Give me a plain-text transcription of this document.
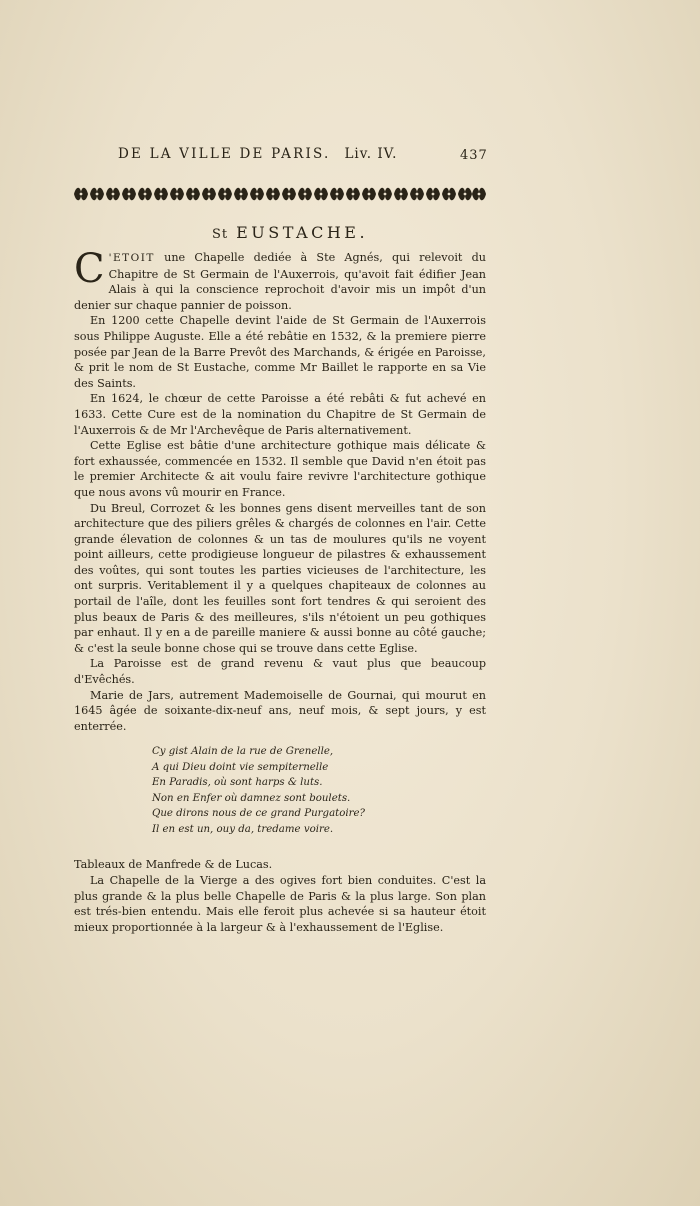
DE LA VILLE DE PARIS. Liv. IV.	437
St EUSTACHE.

C 'ETOIT une Chapelle dediée à Ste Agnés, qui relevoit du Chapitre de St Germain de l'Auxerrois, qu'avoit fait édifier Jean Alais à qui la conscience reprochoit d'avoir mis un impôt d'un denier sur chaque pannier de poisson.

En 1200 cette Chapelle devint l'aide de St Germain de l'Auxerrois sous Philippe Auguste. Elle a été rebâtie en 1532, & la premiere pierre posée par Jean de la Barre Prevôt des Marchands, & érigée en Paroisse, & prit le nom de St Eustache, comme Mr Baillet le rapporte en sa Vie des Saints.

En 1624, le chœur de cette Paroisse a été rebâti & fut achevé en 1633. Cette Cure est de la nomination du Chapitre de St Germain de l'Auxerrois & de Mr l'Archevêque de Paris alternativement.

Cette Eglise est bâtie d'une architecture gothique mais délicate & fort exhaussée, commencée en 1532. Il semble que David n'en étoit pas le premier Architecte & ait voulu faire revivre l'architecture gothique que nous avons vû mourir en France.

Du Breul, Corrozet & les bonnes gens disent merveilles tant de son architecture que des piliers grêles & chargés de colonnes en l'air. Cette grande élevation de colonnes & un tas de moulures qu'ils ne voyent point ailleurs, cette prodigieuse longueur de pilastres & exhaussement des voûtes, qui sont toutes les parties vicieuses de l'architecture, les ont surpris. Veritablement il y a quelques chapiteaux de colonnes au portail de l'aîle, dont les feuilles sont fort tendres & qui seroient des plus beaux de Paris & des meilleures, s'ils n'étoient un peu gothiques par enhaut. Il y en a de pareille maniere & aussi bonne au côté gauche; & c'est la seule bonne chose qui se trouve dans cette Eglise.

La Paroisse est de grand revenu & vaut plus que beaucoup d'Evêchés.

Marie de Jars, autrement Mademoiselle de Gournai, qui mourut en 1645 âgée de soixante-dix-neuf ans, neuf mois, & sept jours, y est enterrée.

Cy gist Alain de la rue de Grenelle,
A qui Dieu doint vie sempiternelle
En Paradis, où sont harps & luts.
Non en Enfer où damnez sont boulets.
Que dirons nous de ce grand Purgatoire?
Il en est un, ouy da, tredame voire.

Tableaux de Manfrede & de Lucas.

La Chapelle de la Vierge a des ogives fort bien conduites. C'est la plus grande & la plus belle Chapelle de Paris & la plus large. Son plan est trés-bien entendu. Mais elle feroit plus achevée si sa hauteur étoit mieux proportionnée à la largeur & à l'exhaussement de l'Eglise.
